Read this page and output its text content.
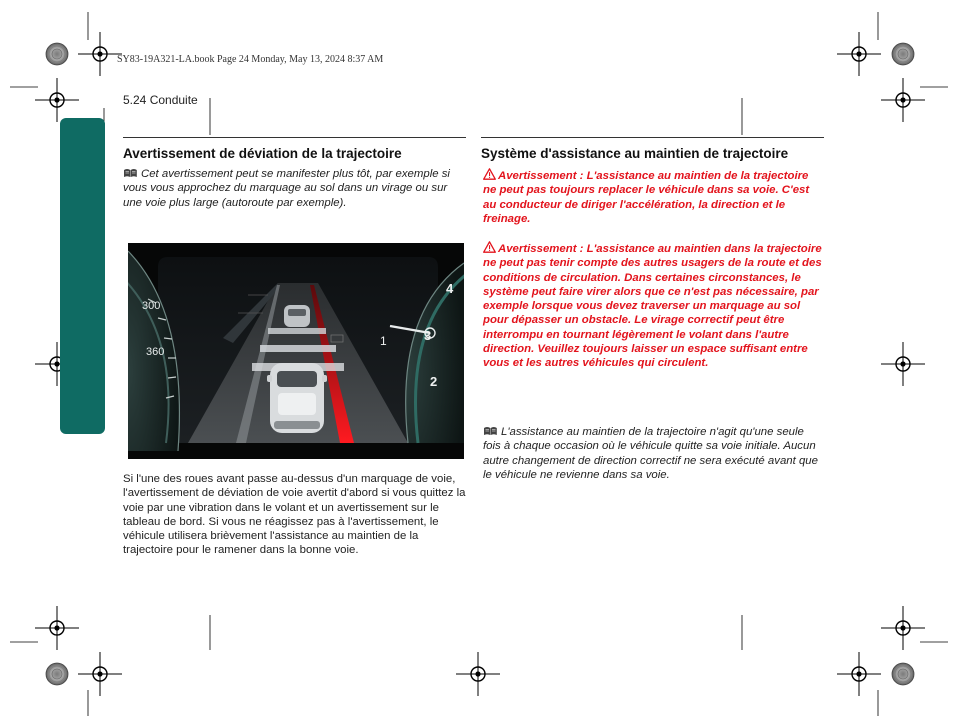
SY83-19A321-LA.book Page 24 Monday, May 13, 2024 8:37 AM
5.24 Conduite
Avertissement de déviation de la trajectoire
Cet avertissement peut se manifester plus tôt, par exemple si vous vous approchez du marquage au sol dans un virage ou sur une voie plus large (autoroute par exemple).
300
360
4
3
1
2
Si l'une des roues avant passe au-dessus d'un marquage de voie, l'avertissement de déviation de voie avertit d'abord si vous quittez la voie par une vibration dans le volant et un avertissement sur le tableau de bord. Si vous ne réagissez pas à l'avertissement, le véhicule utilisera brièvement l'assistance au maintien de la trajectoire pour le ramener dans la bonne voie.
Système d'assistance au maintien de trajectoire
Avertissement : L'assistance au maintien de la trajectoire ne peut pas toujours replacer le véhicule dans sa voie. C'est au conducteur de diriger l'accélération, la direction et le freinage.
Avertissement : L'assistance au maintien dans la trajectoire ne peut pas tenir compte des autres usagers de la route et des conditions de circulation. Dans certaines circonstances, le système peut faire virer alors que ce n'est pas nécessaire, par exemple lorsque vous devez traverser un marquage au sol pour dépasser un obstacle. Le virage correctif peut être interrompu en tournant légèrement le volant dans l'autre direction. Veuillez toujours laisser un espace suffisant entre vous et les autres véhicules qui circulent.
L'assistance au maintien de la trajectoire n'agit qu'une seule fois à chaque occasion où le véhicule quitte sa voie initiale. Aucun autre changement de direction correctif ne sera exécuté avant que le véhicule ne revienne dans sa voie.
